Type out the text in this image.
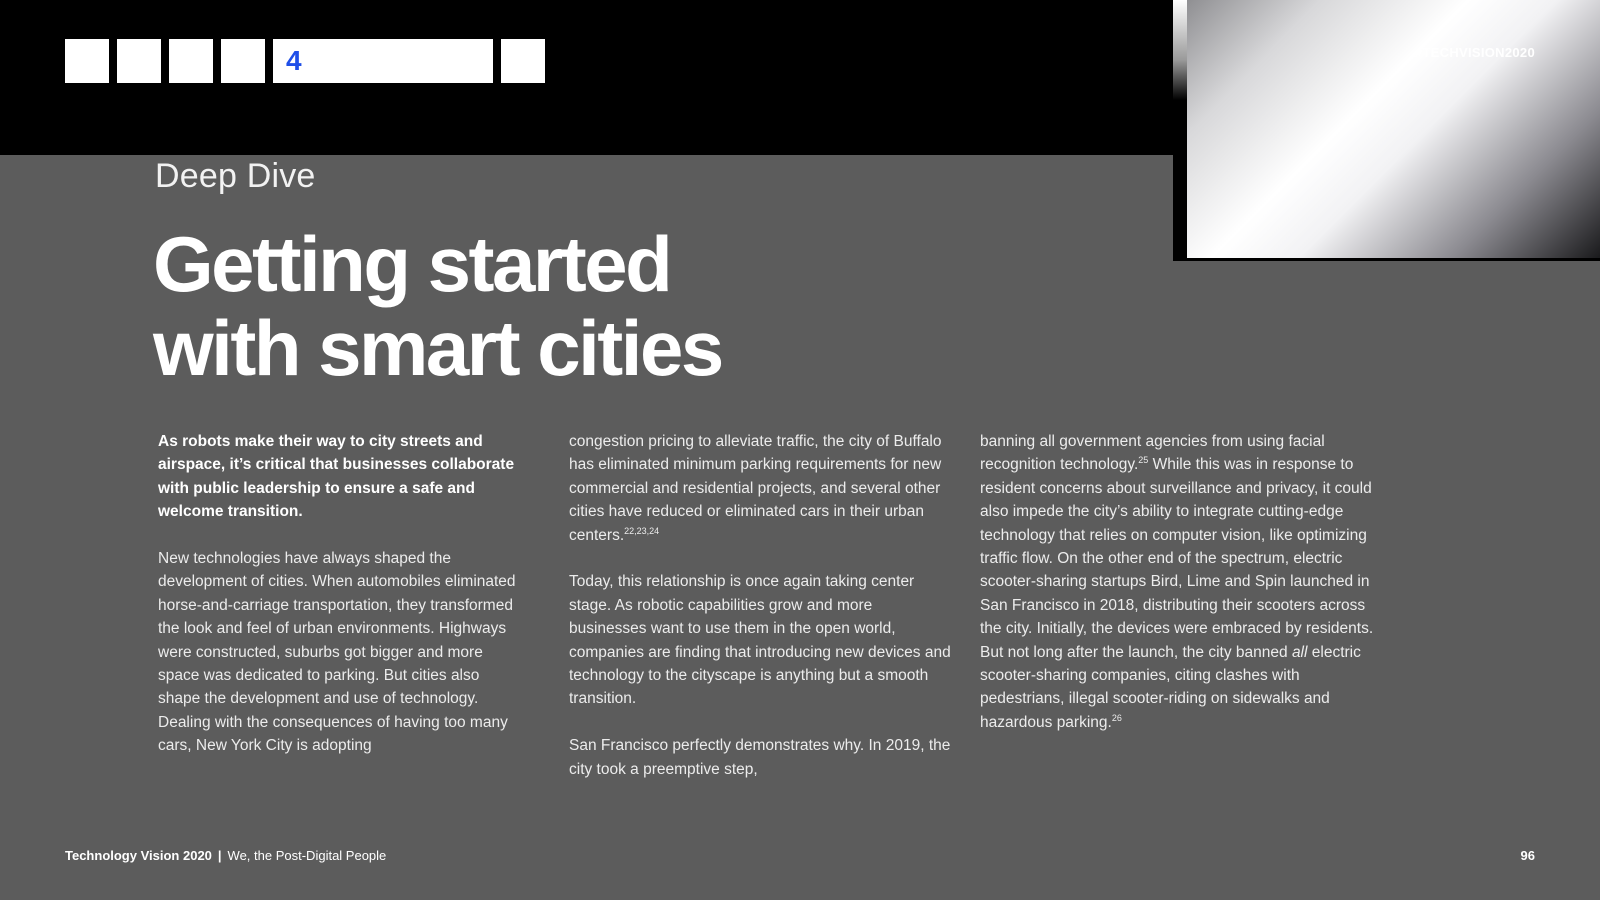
4	#TECHVISION2020
Deep Dive
Getting started
with smart cities

As robots make their way to city streets and airspace, it’s critical that businesses collaborate with public leadership to ensure a safe and welcome transition.

New technologies have always shaped the development of cities. When automobiles eliminated horse-and-carriage transportation, they transformed the look and feel of urban environments. Highways were constructed, suburbs got bigger and more space was dedicated to parking. But cities also shape the development and use of technology. Dealing with the consequences of having too many cars, New York City is adopting

congestion pricing to alleviate traffic, the city of Buffalo has eliminated minimum parking requirements for new commercial and residential projects, and several other cities have reduced or eliminated cars in their urban centers.$^{22,23,24}$

Today, this relationship is once again taking center stage. As robotic capabilities grow and more businesses want to use them in the open world, companies are finding that introducing new devices and technology to the cityscape is anything but a smooth transition.

San Francisco perfectly demonstrates why. In 2019, the city took a preemptive step,

banning all government agencies from using facial recognition technology.$^{25}$ While this was in response to resident concerns about surveillance and privacy, it could also impede the city’s ability to integrate cutting-edge technology that relies on computer vision, like optimizing traffic flow. On the other end of the spectrum, electric scooter-sharing startups Bird, Lime and Spin launched in San Francisco in 2018, distributing their scooters across the city. Initially, the devices were embraced by residents. But not long after the launch, the city banned all electric scooter-sharing companies, citing clashes with pedestrians, illegal scooter-riding on sidewalks and hazardous parking.$^{26}$

Technology Vision 2020 | We, the Post-Digital People	96
